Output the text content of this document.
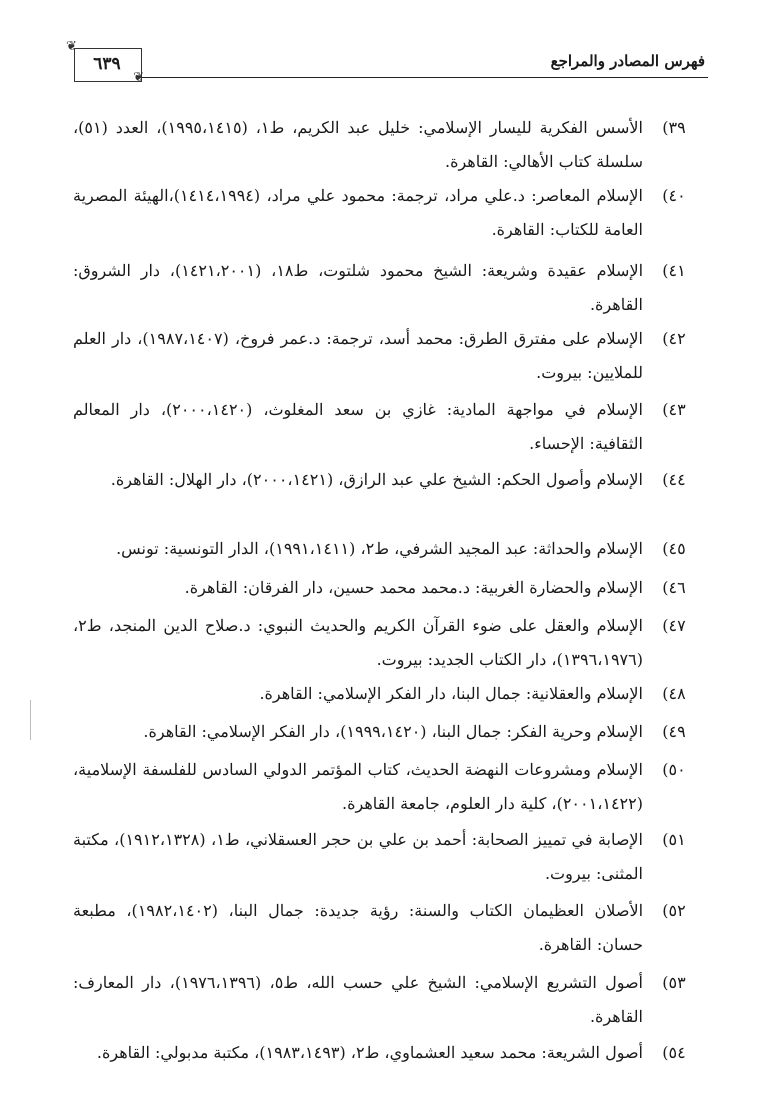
فهرس المصادر والمراجع
❦
٦٣٩
❦
٣٩)
الأسس الفكرية لليسار الإسلامي: خليل عبد الكريم، ط١، (١٩٩٥،١٤١٥)، العدد (٥١)، سلسلة كتاب الأهالي: القاهرة.
٤٠)
الإسلام المعاصر: د.علي مراد، ترجمة: محمود علي مراد، (١٤١٤،١٩٩٤)،الهيئة المصرية العامة للكتاب: القاهرة.
٤١)
الإسلام عقيدة وشريعة: الشيخ محمود شلتوت، ط١٨، (١٤٢١،٢٠٠١)، دار الشروق: القاهرة.
٤٢)
الإسلام على مفترق الطرق: محمد أسد، ترجمة: د.عمر فروخ، (١٩٨٧،١٤٠٧)، دار العلم للملايين: بيروت.
٤٣)
الإسلام في مواجهة المادية: غازي بن سعد المغلوث، (٢٠٠٠،١٤٢٠)، دار المعالم الثقافية: الإحساء.
٤٤)
الإسلام وأصول الحكم: الشيخ علي عبد الرازق، (٢٠٠٠،١٤٢١)، دار الهلال: القاهرة.
٤٥)
الإسلام والحداثة: عبد المجيد الشرفي، ط٢، (١٩٩١،١٤١١)، الدار التونسية: تونس.
٤٦)
الإسلام والحضارة الغربية: د.محمد محمد حسين، دار الفرقان: القاهرة.
٤٧)
الإسلام والعقل على ضوء القرآن الكريم والحديث النبوي: د.صلاح الدين المنجد، ط٢، (١٣٩٦،١٩٧٦)، دار الكتاب الجديد: بيروت.
٤٨)
الإسلام والعقلانية: جمال البنا، دار الفكر الإسلامي: القاهرة.
٤٩)
الإسلام وحرية الفكر: جمال البنا، (١٩٩٩،١٤٢٠)، دار الفكر الإسلامي: القاهرة.
٥٠)
الإسلام ومشروعات النهضة الحديث، كتاب المؤتمر الدولي السادس للفلسفة الإسلامية، (٢٠٠١،١٤٢٢)، كلية دار العلوم، جامعة القاهرة.
٥١)
الإصابة في تمييز الصحابة: أحمد بن علي بن حجر العسقلاني، ط١، (١٩١٢،١٣٢٨)، مكتبة المثنى: بيروت.
٥٢)
الأصلان العظيمان الكتاب والسنة: رؤية جديدة: جمال البنا، (١٩٨٢،١٤٠٢)، مطبعة حسان: القاهرة.
٥٣)
أصول التشريع الإسلامي: الشيخ علي حسب الله، ط٥، (١٩٧٦،١٣٩٦)، دار المعارف: القاهرة.
٥٤)
أصول الشريعة: محمد سعيد العشماوي، ط٢، (١٩٨٣،١٤٩٣)، مكتبة مدبولي: القاهرة.
